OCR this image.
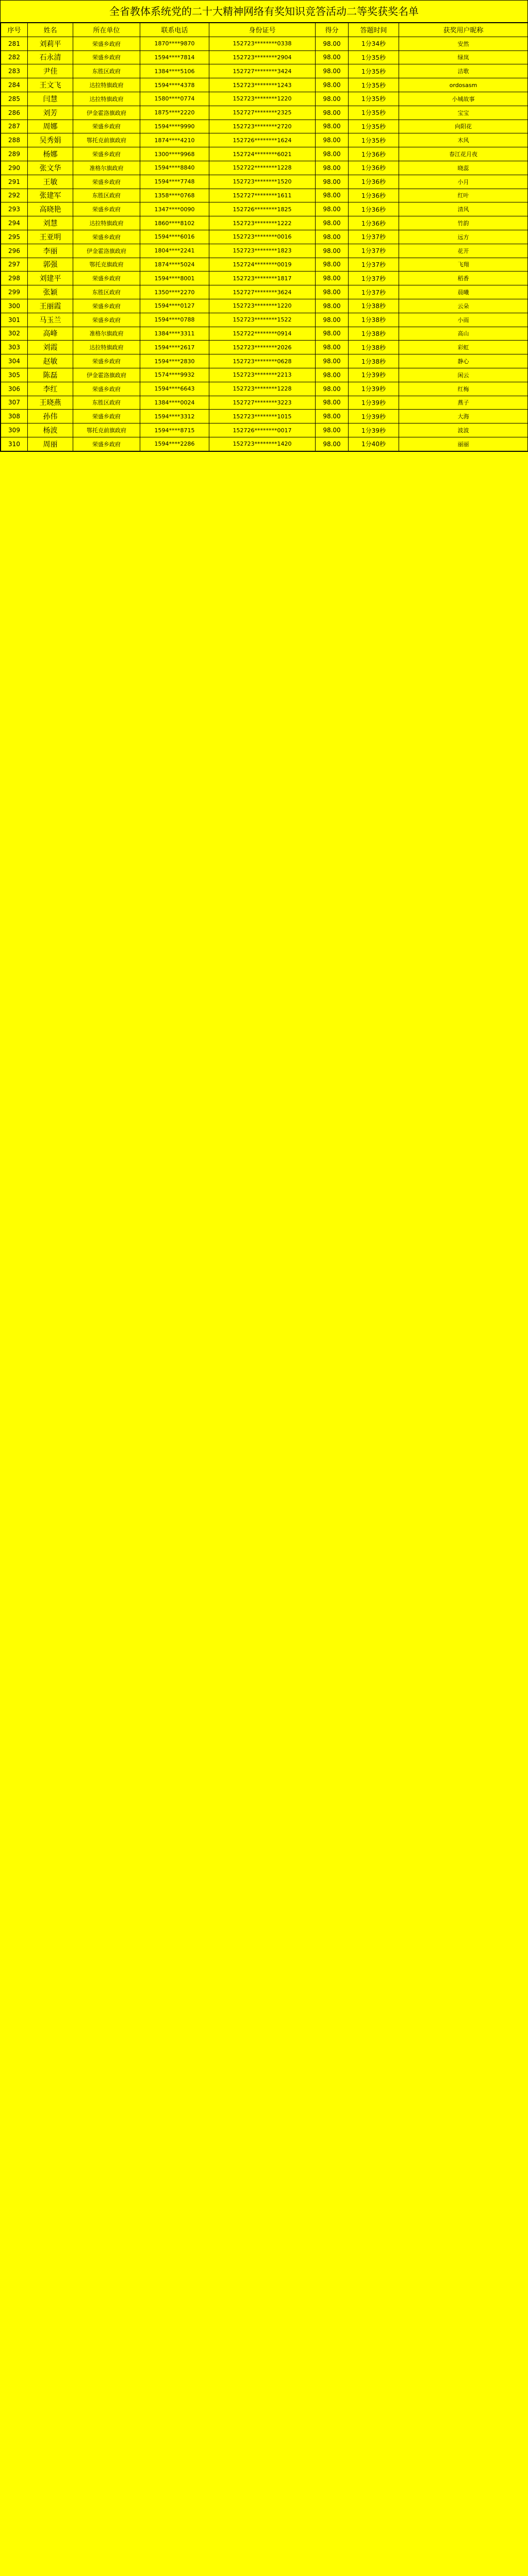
全省教体系统党的二十大精神网络有奖知识竞答活动二等奖获奖名单
序号	姓名	所在单位	联系电话	身份证号	得分	答题时间	获奖用户昵称
281	刘莉平	荣盛乡政府	1870****9870	152723********0338	98.00	1分34秒	安然
282	石永清	荣盛乡政府	1594****7814	152723********2904	98.00	1分35秒	绿岚
283	尹佳	东胜区政府	1384****5106	152727********3424	98.00	1分35秒	洁歌
284	王文飞	达拉特旗政府	1594****4378	152723********1243	98.00	1分35秒	ordosasm
285	闫慧	达拉特旗政府	1580****0774	152723********1220	98.00	1分35秒	小城故事
286	刘芳	伊金霍洛旗政府	1875****2220	152727********2325	98.00	1分35秒	宝宝
287	周娜	荣盛乡政府	1594****9990	152723********2720	98.00	1分35秒	向阳花
288	吴秀娟	鄂托克前旗政府	1874****4210	152726********1624	98.00	1分35秒	木风
289	杨娜	荣盛乡政府	1300****9968	152724********6021	98.00	1分36秒	春江花月夜
290	张文华	准格尔旗政府	1594****8840	152722********1228	98.00	1分36秒	晓蕊
291	王敏	荣盛乡政府	1594****7748	152723********1520	98.00	1分36秒	小月
292	张建军	东胜区政府	1358****0768	152727********1611	98.00	1分36秒	红叶
293	高晓艳	荣盛乡政府	1347****0090	152726********1825	98.00	1分36秒	清风
294	刘慧	达拉特旗政府	1860****8102	152723********1222	98.00	1分36秒	竹韵
295	王亚明	荣盛乡政府	1594****6016	152723********0016	98.00	1分37秒	远方
296	李丽	伊金霍洛旗政府	1804****2241	152723********1823	98.00	1分37秒	花开
297	郭强	鄂托克旗政府	1874****5024	152724********0019	98.00	1分37秒	飞翔
298	刘建平	荣盛乡政府	1594****8001	152723********1817	98.00	1分37秒	稻香
299	张颖	东胜区政府	1350****2270	152727********3624	98.00	1分37秒	晨曦
300	王丽霞	荣盛乡政府	1594****0127	152723********1220	98.00	1分38秒	云朵
301	马玉兰	荣盛乡政府	1594****0788	152723********1522	98.00	1分38秒	小雨
302	高峰	准格尔旗政府	1384****3311	152722********0914	98.00	1分38秒	高山
303	刘霞	达拉特旗政府	1594****2617	152723********2026	98.00	1分38秒	彩虹
304	赵敏	荣盛乡政府	1594****2830	152723********0628	98.00	1分38秒	静心
305	陈磊	伊金霍洛旗政府	1574****9932	152723********2213	98.00	1分39秒	闲云
306	李红	荣盛乡政府	1594****6643	152723********1228	98.00	1分39秒	红梅
307	王晓燕	东胜区政府	1384****0024	152727********3223	98.00	1分39秒	燕子
308	孙伟	荣盛乡政府	1594****3312	152723********1015	98.00	1分39秒	大海
309	杨波	鄂托克前旗政府	1594****8715	152726********0017	98.00	1分39秒	波波
310	周丽	荣盛乡政府	1594****2286	152723********1420	98.00	1分40秒	丽丽
